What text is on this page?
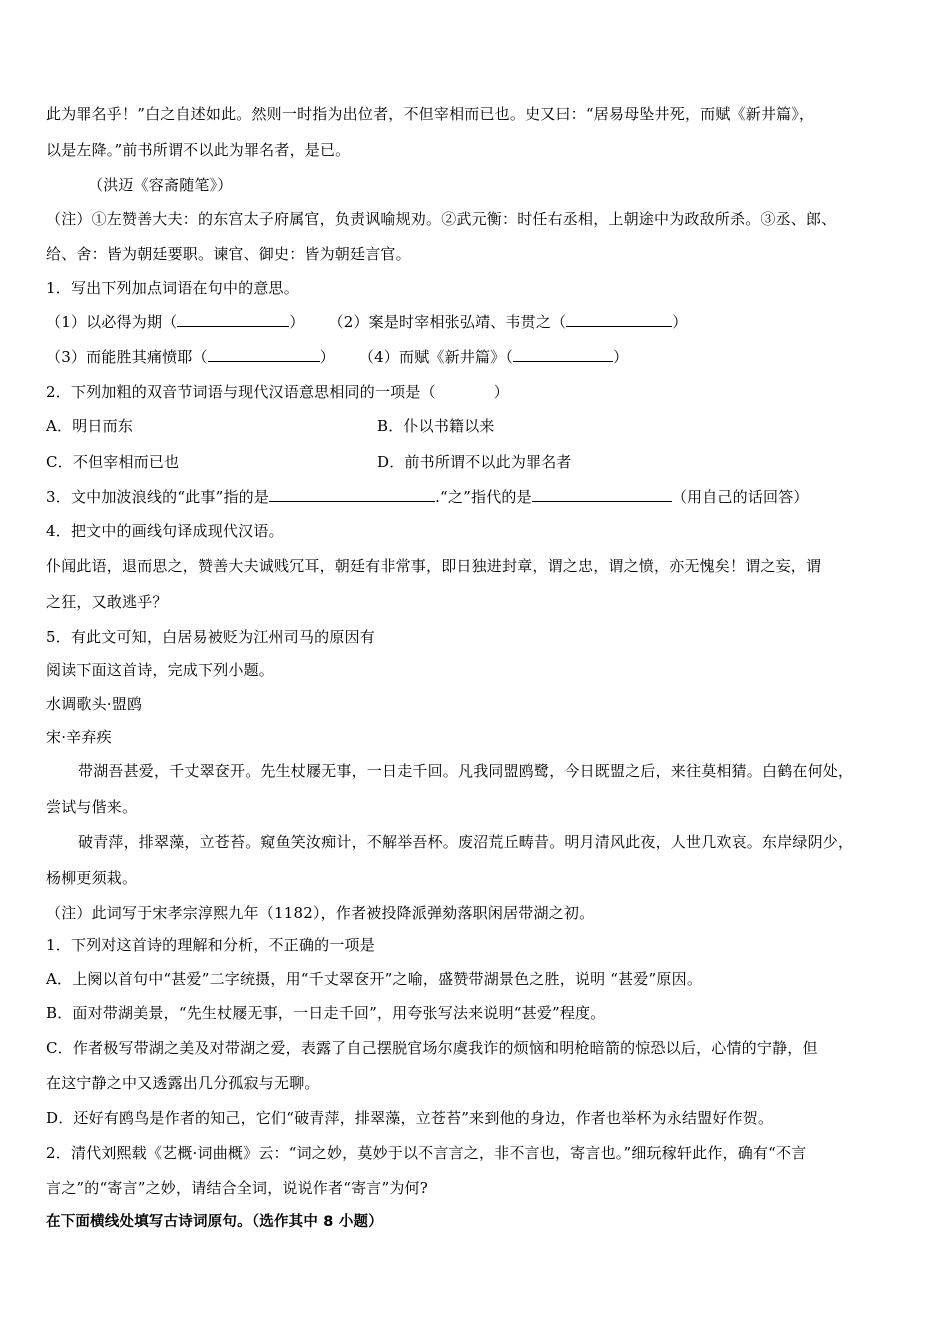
此为罪名乎！”白之自述如此。然则一时指为出位者，不但宰相而已也。史又曰：“居易母坠井死，而赋《新井篇》，
以是左降。”前书所谓不以此为罪名者，是已。
（洪迈《容斋随笔》）
（注）①左赞善大夫：的东宫太子府属官，负责讽喻规劝。②武元衡：时任右丞相，上朝途中为政敌所杀。③丞、郎、
给、舍：皆为朝廷要职。谏官、御史：皆为朝廷言官。
1．写出下列加点词语在句中的意思。
（1）以必得为期（	） （2）案是时宰相张弘靖、韦贯之（	）
（3）而能胜其痛愤耶（	） （4）而赋《新井篇》（	）
2．下列加粗的双音节词语与现代汉语意思相同的一项是（	）
A．明日而东	B．仆以书籍以来
C．不但宰相而已也	D．前书所谓不以此为罪名者
3．文中加波浪线的“此事”指的是	.“之”指代的是	（用自己的话回答）
4．把文中的画线句译成现代汉语。
仆闻此语，退而思之，赞善大夫诚贱冗耳，朝廷有非常事，即日独进封章，谓之忠，谓之愤，亦无愧矣！谓之妄，谓
之狂，又敢逃乎？
5．有此文可知，白居易被贬为江州司马的原因有
阅读下面这首诗，完成下列小题。
水调歌头·盟鸥
宋·辛弃疾
带湖吾甚爱，千丈翠奁开。先生杖屦无事，一日走千回。凡我同盟鸥鹭，今日既盟之后，来往莫相猜。白鹤在何处，
尝试与偕来。
破青萍，排翠藻，立苍苔。窥鱼笑汝痴计，不解举吾杯。废沼荒丘畴昔。明月清风此夜，人世几欢哀。东岸绿阴少，
杨柳更须栽。
（注）此词写于宋孝宗淳熙九年（1182），作者被投降派弹劾落职闲居带湖之初。
1．下列对这首诗的理解和分析，不正确的一项是
A．上阕以首句中“甚爱”二字统摄，用“千丈翠奁开”之喻，盛赞带湖景色之胜，说明 “甚爱”原因。
B．面对带湖美景，“先生杖屦无事，一日走千回”，用夸张写法来说明“甚爱”程度。
C．作者极写带湖之美及对带湖之爱，表露了自己摆脱官场尔虞我诈的烦恼和明枪暗箭的惊恐以后，心情的宁静，但
在这宁静之中又透露出几分孤寂与无聊。
D．还好有鸥鸟是作者的知己，它们“破青萍，排翠藻，立苍苔”来到他的身边，作者也举杯为永结盟好作贺。
2．清代刘熙载《艺概·词曲概》云：“词之妙，莫妙于以不言言之，非不言也，寄言也。”细玩稼轩此作，确有“不言
言之”的“寄言”之妙，请结合全词，说说作者“寄言”为何?
在下面横线处填写古诗词原句。（选作其中 8 小题）
